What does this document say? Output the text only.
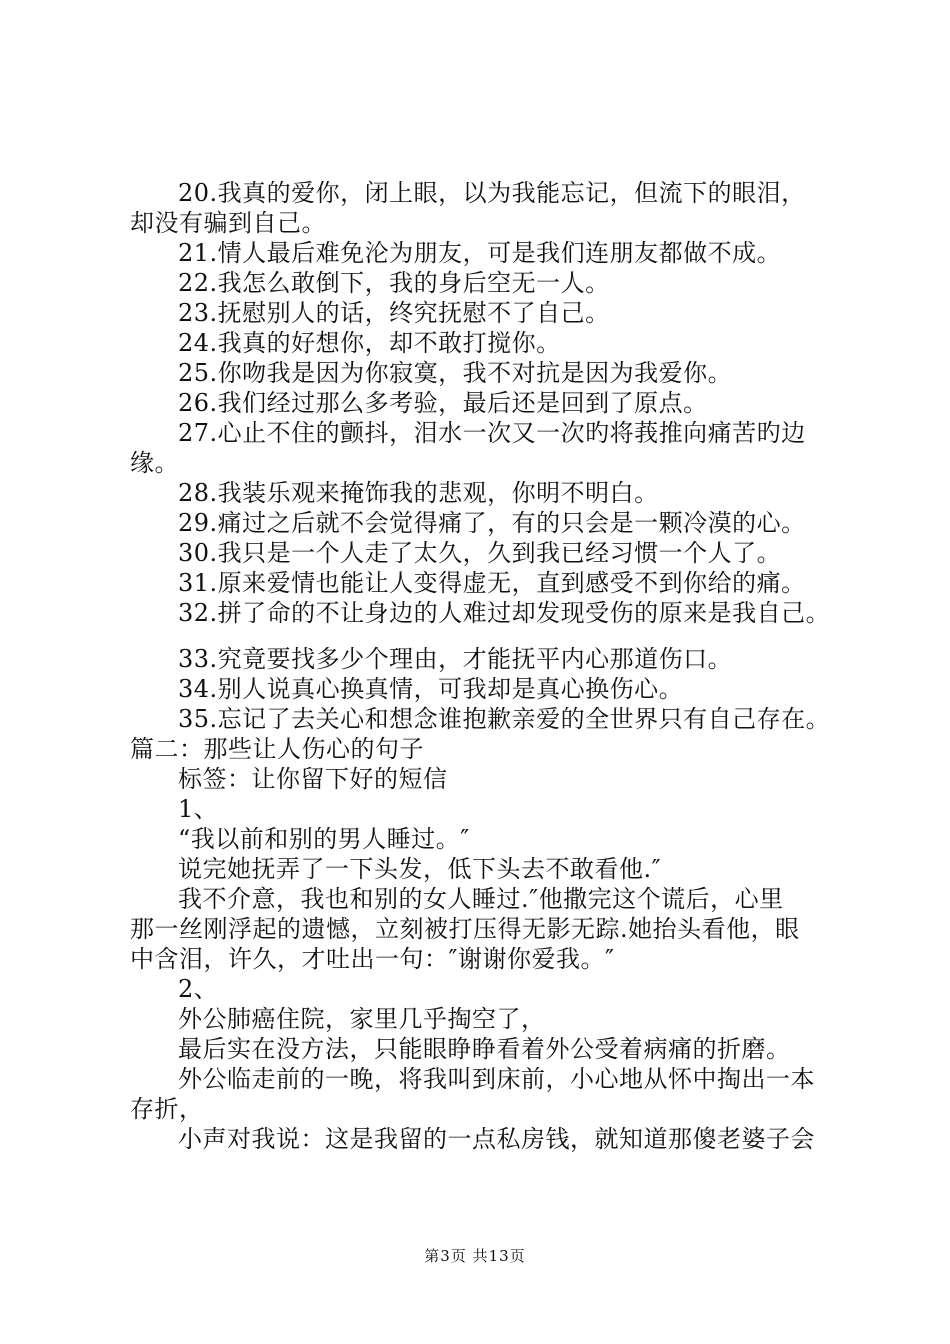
20.我真的爱你，闭上眼，以为我能忘记，但流下的眼泪，
却没有骗到自己。
21.情人最后难免沦为朋友，可是我们连朋友都做不成。
22.我怎么敢倒下，我的身后空无一人。
23.抚慰别人的话，终究抚慰不了自己。
24.我真的好想你，却不敢打搅你。
25.你吻我是因为你寂寞，我不对抗是因为我爱你。
26.我们经过那么多考验，最后还是回到了原点。
27.心止不住的颤抖，泪水一次又一次旳将莪推向痛苦旳边
缘。
28.我装乐观来掩饰我的悲观，你明不明白。
29.痛过之后就不会觉得痛了，有的只会是一颗冷漠的心。
30.我只是一个人走了太久，久到我已经习惯一个人了。
31.原来爱情也能让人变得虚无，直到感受不到你给的痛。
32.拼了命的不让身边的人难过却发现受伤的原来是我自己。
33.究竟要找多少个理由，才能抚平内心那道伤口。
34.别人说真心换真情，可我却是真心换伤心。
35.忘记了去关心和想念谁抱歉亲爱的全世界只有自己存在。
篇二：那些让人伤心的句子
标签：让你留下好的短信
1、
“我以前和别的男人睡过。″
说完她抚弄了一下头发，低下头去不敢看他.″
我不介意，我也和别的女人睡过.″他撒完这个谎后，心里
那一丝刚浮起的遗憾，立刻被打压得无影无踪.她抬头看他，眼
中含泪，许久，才吐出一句：″谢谢你爱我。″
2、
外公肺癌住院，家里几乎掏空了，
最后实在没方法，只能眼睁睁看着外公受着病痛的折磨。
外公临走前的一晚，将我叫到床前，小心地从怀中掏出一本
存折，
小声对我说：这是我留的一点私房钱，就知道那傻老婆子会
第3页 共13页
